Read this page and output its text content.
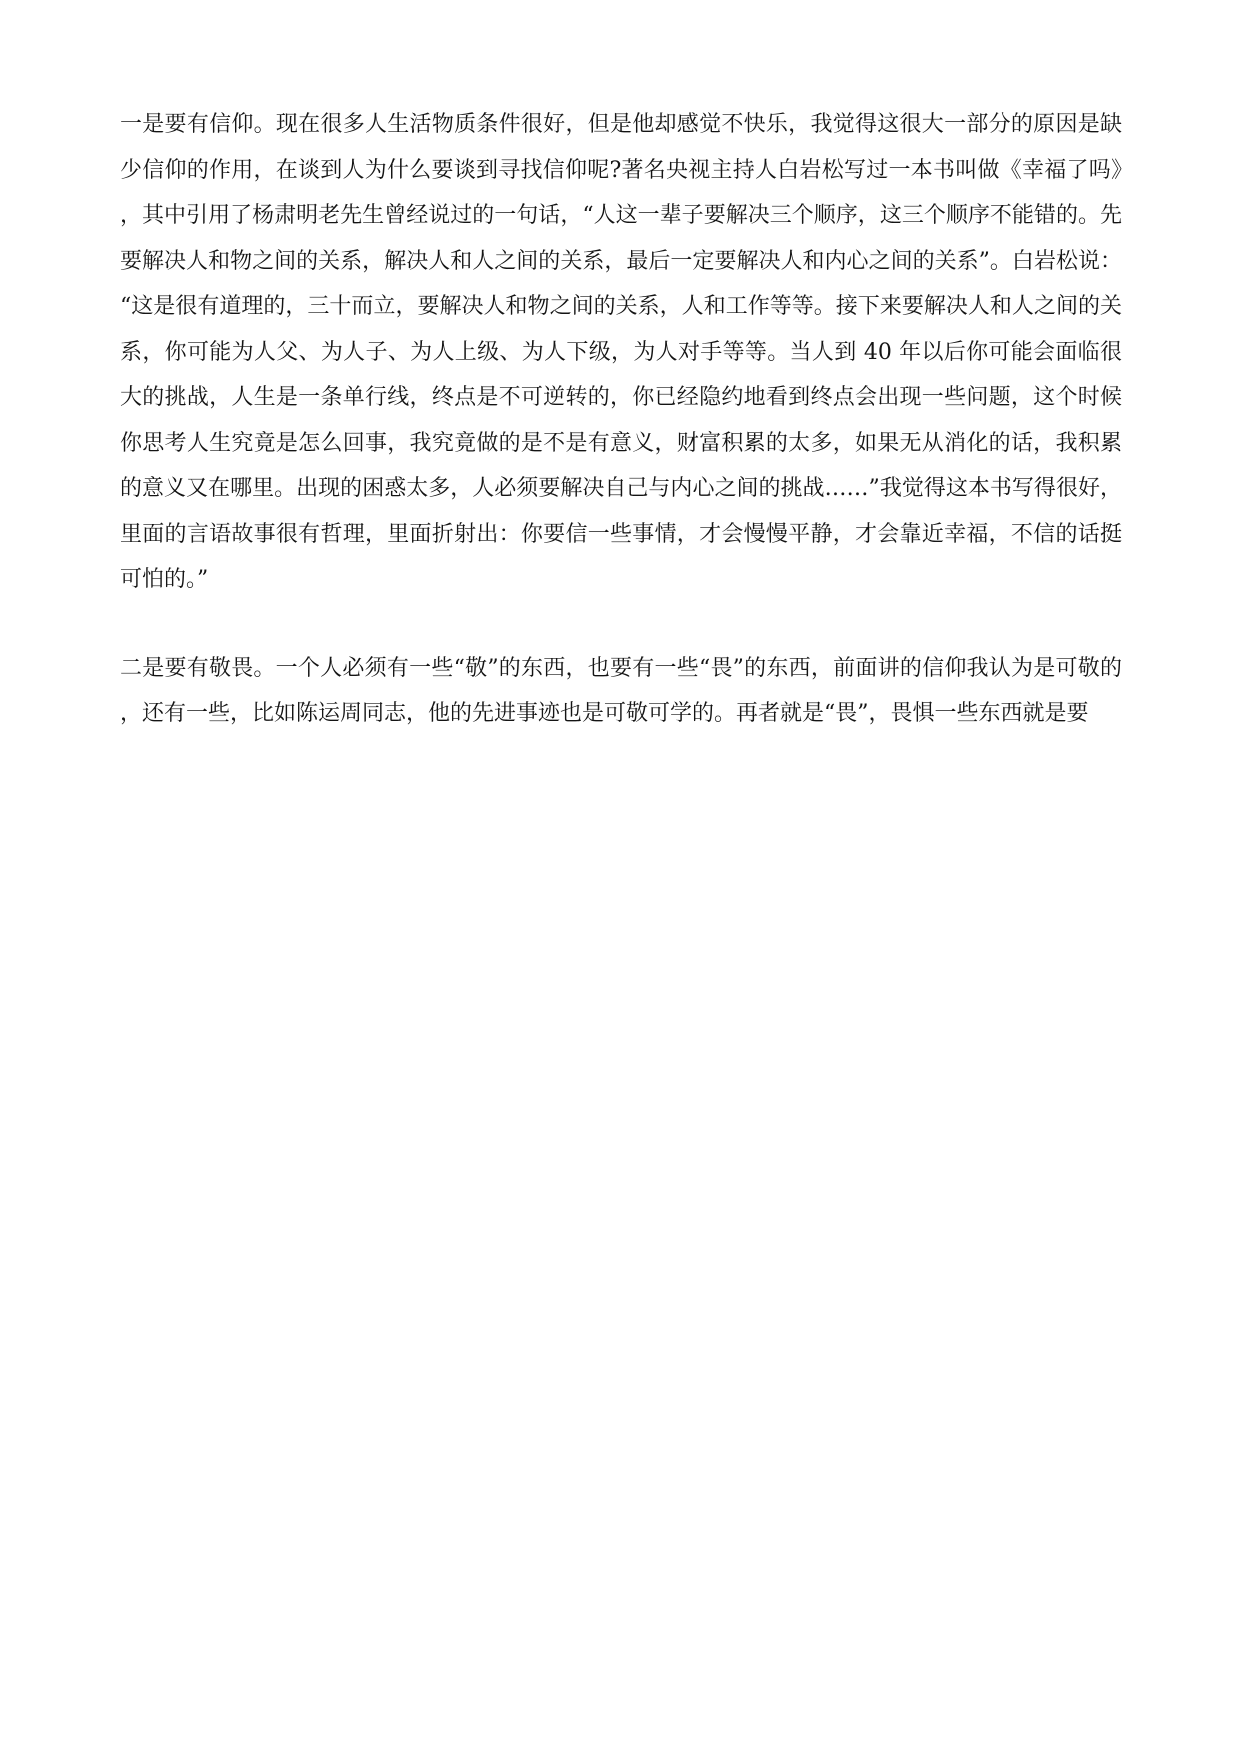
一是要有信仰。现在很多人生活物质条件很好，但是他却感觉不快乐，我觉得这很大一部分的原因是缺少信仰的作用，在谈到人为什么要谈到寻找信仰呢?著名央视主持人白岩松写过一本书叫做《幸福了吗》，其中引用了杨肃明老先生曾经说过的一句话，“人这一辈子要解决三个顺序，这三个顺序不能错的。先要解决人和物之间的关系，解决人和人之间的关系，最后一定要解决人和内心之间的关系”。白岩松说：“这是很有道理的，三十而立，要解决人和物之间的关系，人和工作等等。接下来要解决人和人之间的关系，你可能为人父、为人子、为人上级、为人下级，为人对手等等。当人到 40 年以后你可能会面临很大的挑战，人生是一条单行线，终点是不可逆转的，你已经隐约地看到终点会出现一些问题，这个时候你思考人生究竟是怎么回事，我究竟做的是不是有意义，财富积累的太多，如果无从消化的话，我积累的意义又在哪里。出现的困惑太多，人必须要解决自己与内心之间的挑战……”我觉得这本书写得很好，里面的言语故事很有哲理，里面折射出：你要信一些事情，才会慢慢平静，才会靠近幸福，不信的话挺可怕的。”

二是要有敬畏。一个人必须有一些“敬”的东西，也要有一些“畏”的东西，前面讲的信仰我认为是可敬的，还有一些，比如陈运周同志，他的先进事迹也是可敬可学的。再者就是“畏”，畏惧一些东西就是要
